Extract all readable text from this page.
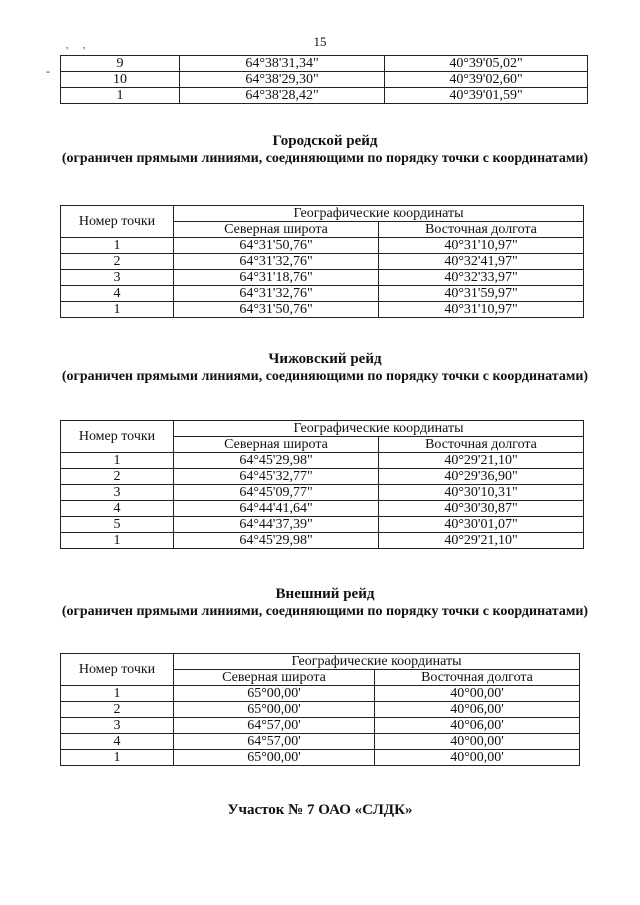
15
, ,
-	9	64°38'31,34"	40°39'05,02"
10	64°38'29,30"	40°39'02,60"
1	64°38'28,42"	40°39'01,59"
Городской рейд
(ограничен прямыми линиями, соединяющими по порядку точки с координатами)
Номер точки	Географические координаты	
	Северная широта	Восточная долгота
1	64°31'50,76"	40°31'10,97"
2	64°31'32,76"	40°32'41,97"
3	64°31'18,76"	40°32'33,97"
4	64°31'32,76"	40°31'59,97"
1	64°31'50,76"	40°31'10,97"
Чижовский рейд
(ограничен прямыми линиями, соединяющими по порядку точки с координатами)
Номер точки	Географические координаты	
	Северная широта	Восточная долгота
1	64°45'29,98"	40°29'21,10"
2	64°45'32,77"	40°29'36,90"
3	64°45'09,77"	40°30'10,31"
4	64°44'41,64"	40°30'30,87"
5	64°44'37,39"	40°30'01,07"
1	64°45'29,98"	40°29'21,10"
Внешний рейд
(ограничен прямыми линиями, соединяющими по порядку точки с координатами)
Номер точки	Географические координаты	
	Северная широта	Восточная долгота
1	65°00,00'	40°00,00'
2	65°00,00'	40°06,00'
3	64°57,00'	40°06,00'
4	64°57,00'	40°00,00'
1	65°00,00'	40°00,00'
Участок № 7 ОАО «СЛДК»
